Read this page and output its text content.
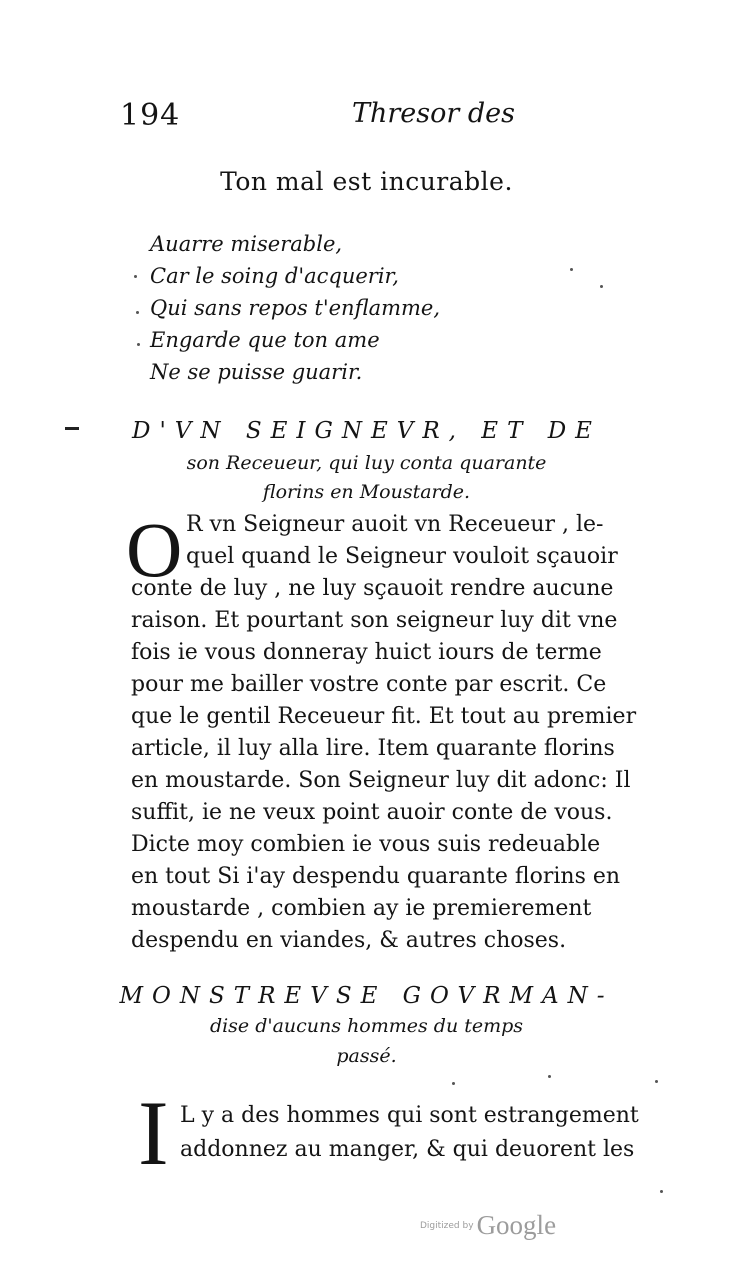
194	Thresor des
Ton mal est incurable.
Auarre miserable,
Car le soing d'acquerir,
Qui sans repos t'enflamme,
Engarde que ton ame
Ne se puisse guarir.
D'VN SEIGNEVR, ET DE
son Receueur, qui luy conta quarante
florins en Moustarde.
O R vn Seigneur auoit vn Receueur , le-
quel quand le Seigneur vouloit sçauoir
conte de luy , ne luy sçauoit rendre aucune
raison. Et pourtant son seigneur luy dit vne
fois ie vous donneray huict iours de terme
pour me bailler vostre conte par escrit. Ce
que le gentil Receueur fit. Et tout au premier
article, il luy alla lire. Item quarante florins
en moustarde. Son Seigneur luy dit adonc: Il
suffit, ie ne veux point auoir conte de vous.
Dicte moy combien ie vous suis redeuable
en tout Si i'ay despendu quarante florins en
moustarde , combien ay ie premierement
despendu en viandes, & autres choses.
MONSTREVSE GOVRMAN-
dise d'aucuns hommes du temps
passé.
I L y a des hommes qui sont estrangement
addonnez au manger, & qui deuorent les
Digitized by Google
